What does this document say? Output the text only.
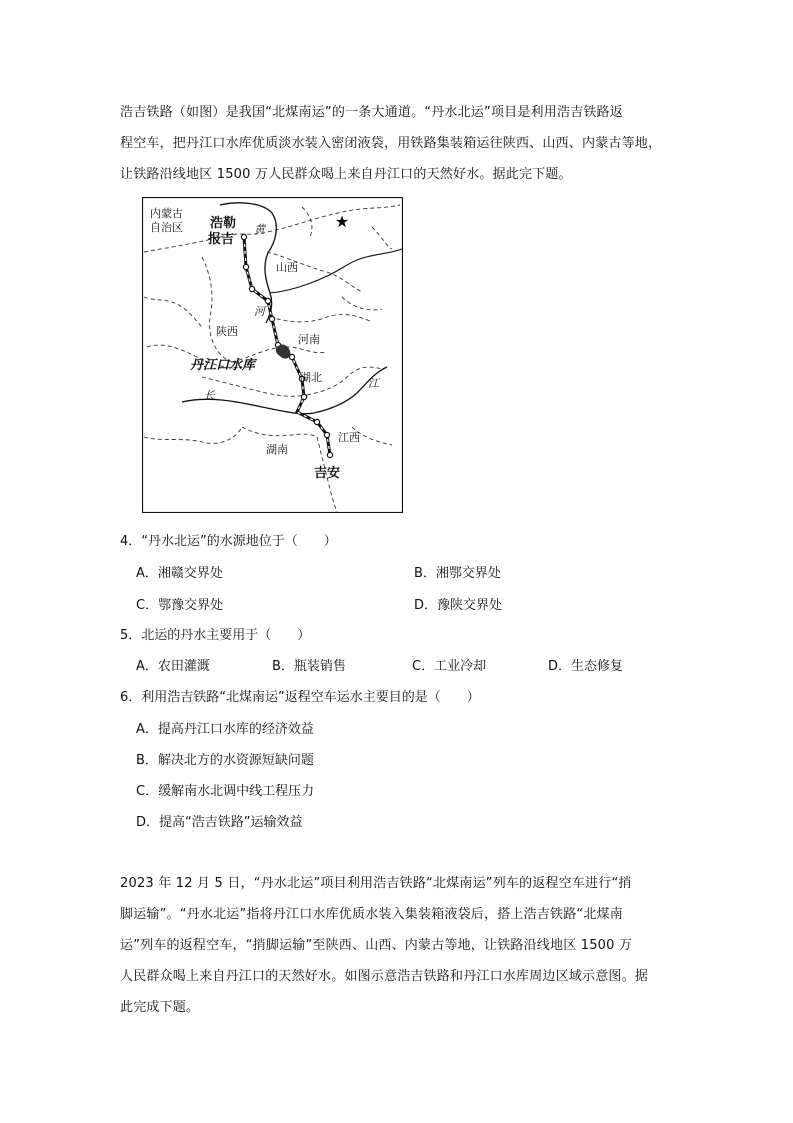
浩吉铁路（如图）是我国“北煤南运”的一条大通道。“丹水北运”项目是利用浩吉铁路返

程空车，把丹江口水库优质淡水装入密闭液袋，用铁路集装箱运往陕西、山西、内蒙古等地，

让铁路沿线地区 1500 万人民群众喝上来自丹江口的天然好水。据此完下题。

★
内蒙古
自治区 浩勒
报吉
黄
山西
河
陕西
河南
丹江口水库
湖北	江
长
江西
湖南
吉安
4．“丹水北运”的水源地位于（　　）
A．湘赣交界处	B．湘鄂交界处
C．鄂豫交界处	D．豫陕交界处
5．北运的丹水主要用于（　　）
A．农田灌溉	B．瓶装销售	C．工业冷却	D．生态修复
6．利用浩吉铁路“北煤南运”返程空车运水主要目的是（　　）
A．提高丹江口水库的经济效益
B．解决北方的水资源短缺问题
C．缓解南水北调中线工程压力
D．提高“浩吉铁路”运输效益

2023 年 12 月 5 日，“丹水北运”项目利用浩吉铁路“北煤南运”列车的返程空车进行“捎

脚运输”。“丹水北运”指将丹江口水库优质水装入集装箱液袋后，搭上浩吉铁路“北煤南

运”列车的返程空车，“捎脚运输”至陕西、山西、内蒙古等地，让铁路沿线地区 1500 万

人民群众喝上来自丹江口的天然好水。如图示意浩吉铁路和丹江口水库周边区域示意图。据

此完成下题。
